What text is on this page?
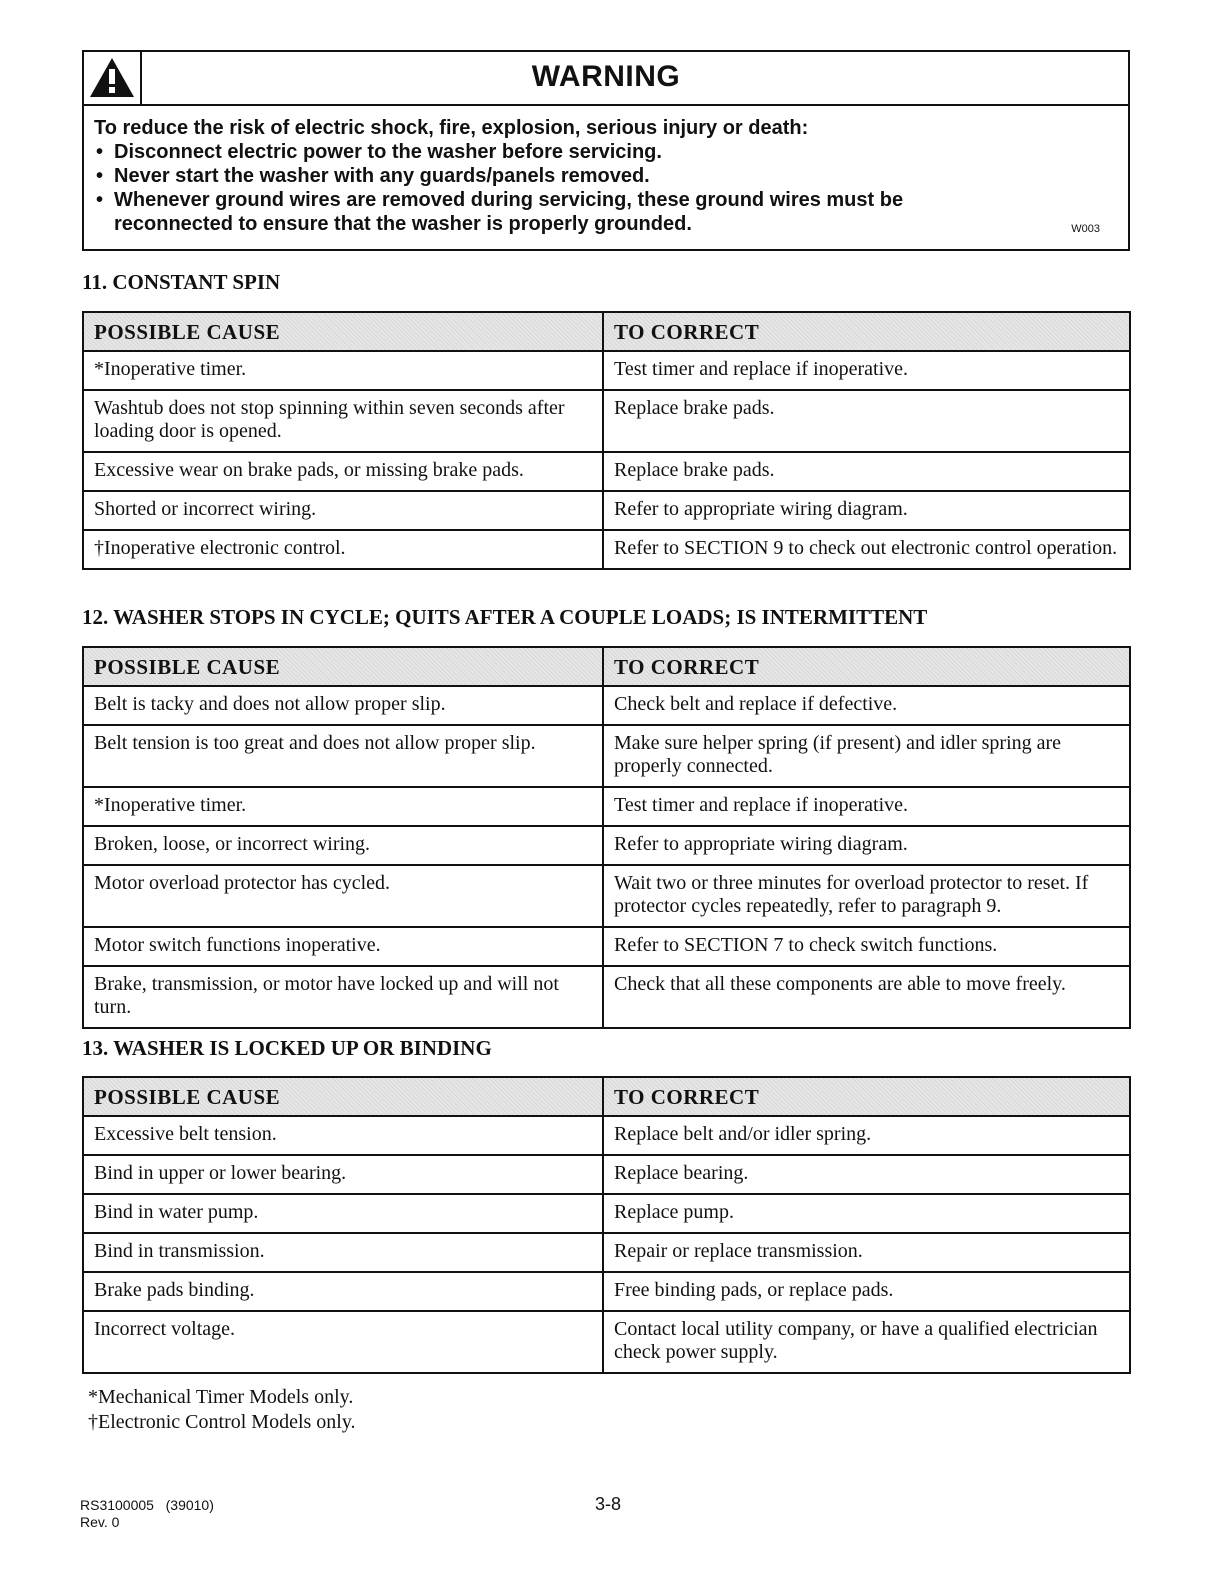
WARNING
To reduce the risk of electric shock, fire, explosion, serious injury or death:
• Disconnect electric power to the washer before servicing.
• Never start the washer with any guards/panels removed.
• Whenever ground wires are removed during servicing, these ground wires must be
reconnected to ensure that the washer is properly grounded.	W003
11. CONSTANT SPIN
POSSIBLE CAUSE	TO CORRECT
*Inoperative timer.	Test timer and replace if inoperative.
Washtub does not stop spinning within seven seconds after loading door is opened.	Replace brake pads.
Excessive wear on brake pads, or missing brake pads.	Replace brake pads.
Shorted or incorrect wiring.	Refer to appropriate wiring diagram.
†Inoperative electronic control.	Refer to SECTION 9 to check out electronic control operation.
12. WASHER STOPS IN CYCLE; QUITS AFTER A COUPLE LOADS; IS INTERMITTENT
POSSIBLE CAUSE	TO CORRECT
Belt is tacky and does not allow proper slip.	Check belt and replace if defective.
Belt tension is too great and does not allow proper slip.	Make sure helper spring (if present) and idler spring are properly connected.
*Inoperative timer.	Test timer and replace if inoperative.
Broken, loose, or incorrect wiring.	Refer to appropriate wiring diagram.
Motor overload protector has cycled.	Wait two or three minutes for overload protector to reset. If protector cycles repeatedly, refer to paragraph 9.
Motor switch functions inoperative.	Refer to SECTION 7 to check switch functions.
Brake, transmission, or motor have locked up and will not turn.	Check that all these components are able to move freely.
13. WASHER IS LOCKED UP OR BINDING
POSSIBLE CAUSE	TO CORRECT
Excessive belt tension.	Replace belt and/or idler spring.
Bind in upper or lower bearing.	Replace bearing.
Bind in water pump.	Replace pump.
Bind in transmission.	Repair or replace transmission.
Brake pads binding.	Free binding pads, or replace pads.
Incorrect voltage.	Contact local utility company, or have a qualified electrician check power supply.
*Mechanical Timer Models only.
†Electronic Control Models only.
RS3100005   (39010)
Rev. 0
3-8
